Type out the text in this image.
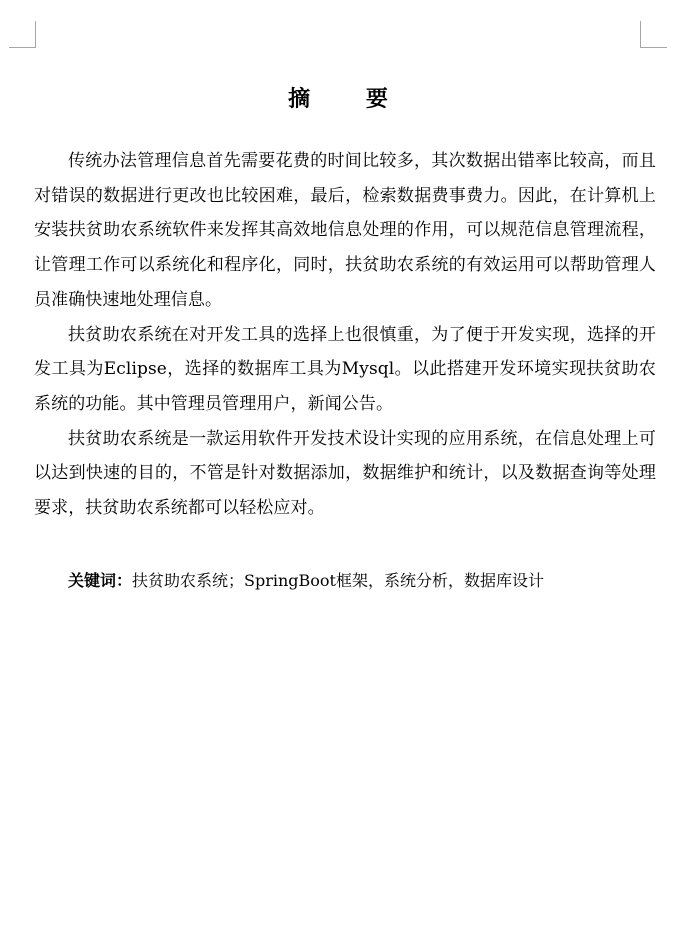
摘 要

传统办法管理信息首先需要花费的时间比较多，其次数据出错率比较高，而且对错误的数据进行更改也比较困难，最后，检索数据费事费力。因此，在计算机上安装扶贫助农系统软件来发挥其高效地信息处理的作用，可以规范信息管理流程，让管理工作可以系统化和程序化，同时，扶贫助农系统的有效运用可以帮助管理人员准确快速地处理信息。

扶贫助农系统在对开发工具的选择上也很慎重，为了便于开发实现，选择的开发工具为Eclipse，选择的数据库工具为Mysql。以此搭建开发环境实现扶贫助农系统的功能。其中管理员管理用户，新闻公告。

扶贫助农系统是一款运用软件开发技术设计实现的应用系统，在信息处理上可以达到快速的目的，不管是针对数据添加，数据维护和统计，以及数据查询等处理要求，扶贫助农系统都可以轻松应对。

关键词：扶贫助农系统；SpringBoot框架，系统分析，数据库设计
